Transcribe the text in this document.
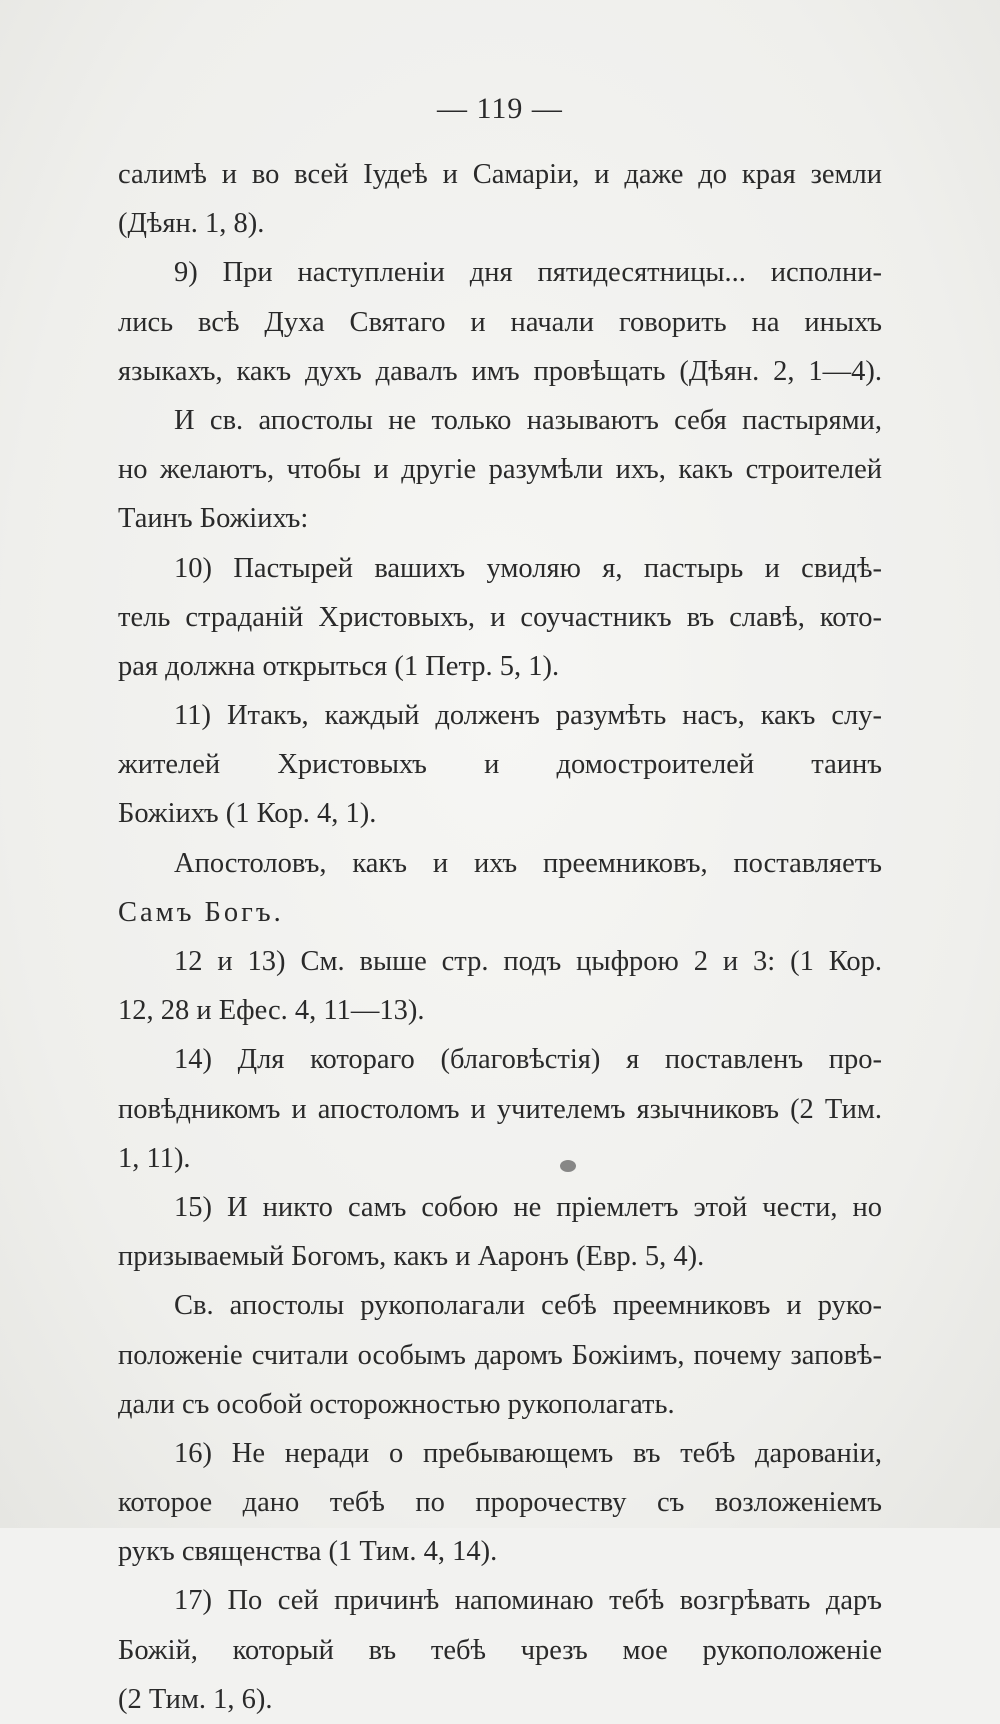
— 119 —
салимѣ и во всей Іудеѣ и Самаріи, и даже до края земли
(Дѣян. 1, 8).
9) При наступленіи дня пятидесятницы... исполни-
лись всѣ Духа Святаго и начали говорить на иныхъ
языкахъ, какъ духъ давалъ имъ провѣщать (Дѣян. 2, 1—4).
И св. апостолы не только называютъ себя пастырями,
но желаютъ, чтобы и другіе разумѣли ихъ, какъ строителей
Таинъ Божіихъ:
10) Пастырей вашихъ умоляю я, пастырь и свидѣ-
тель страданій Христовыхъ, и соучастникъ въ славѣ, кото-
рая должна открыться (1 Петр. 5, 1).
11) Итакъ, каждый долженъ разумѣть насъ, какъ слу-
жителей Христовыхъ и домостроителей таинъ
Божіихъ (1 Кор. 4, 1).
Апостоловъ, какъ и ихъ преемниковъ, поставляетъ
Самъ Богъ.
12 и 13) См. выше стр. подъ цыфрою 2 и 3: (1 Кор.
12, 28 и Ефес. 4, 11—13).
14) Для котораго (благовѣстія) я поставленъ про-
повѣдникомъ и апостоломъ и учителемъ язычниковъ (2 Тим.
1, 11).
15) И никто самъ собою не пріемлетъ этой чести, но
призываемый Богомъ, какъ и Ааронъ (Евр. 5, 4).
Св. апостолы рукополагали себѣ преемниковъ и руко-
положеніе считали особымъ даромъ Божіимъ, почему заповѣ-
дали съ особой осторожностью рукополагать.
16) Не неради о пребывающемъ въ тебѣ дарованіи,
которое дано тебѣ по пророчеству съ возложеніемъ
рукъ священства (1 Тим. 4, 14).
17) По сей причинѣ напоминаю тебѣ возгрѣвать даръ
Божій, который въ тебѣ чрезъ мое рукоположеніе
(2 Тим. 1, 6).
